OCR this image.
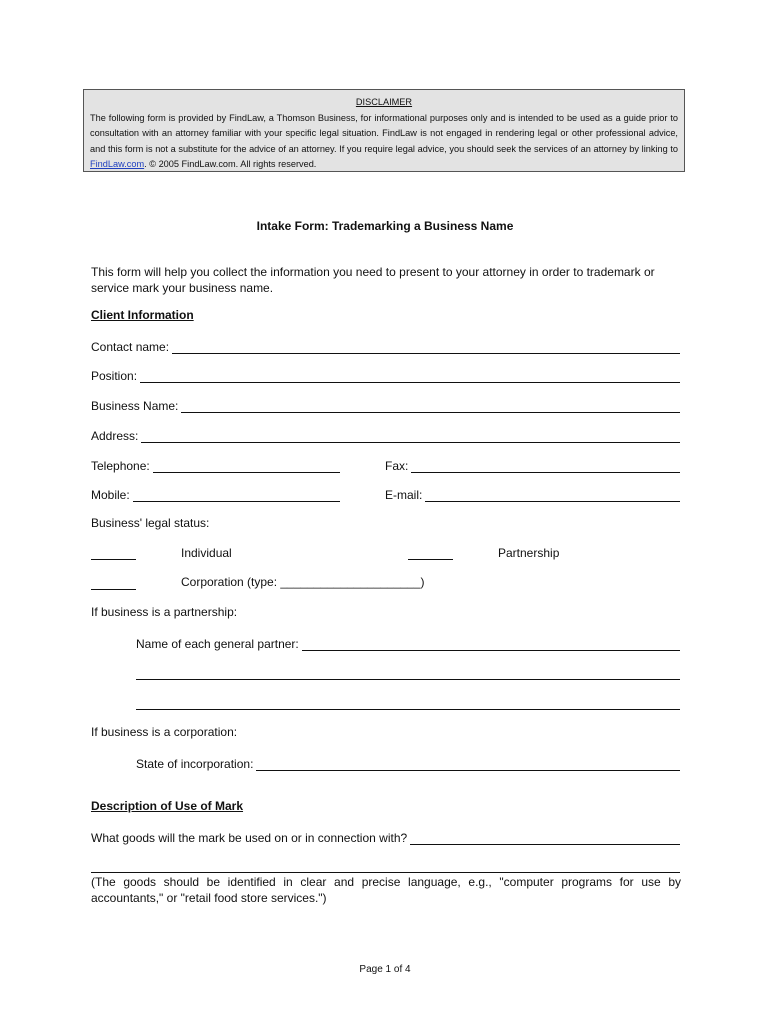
DISCLAIMER
The following form is provided by FindLaw, a Thomson Business, for informational purposes only and is intended to be used as a guide prior to consultation with an attorney familiar with your specific legal situation. FindLaw is not engaged in rendering legal or other professional advice, and this form is not a substitute for the advice of an attorney. If you require legal advice, you should seek the services of an attorney by linking to FindLaw.com. © 2005 FindLaw.com. All rights reserved.
Intake Form: Trademarking a Business Name
This form will help you collect the information you need to present to your attorney in order to trademark or service mark your business name.
Client Information
Contact name:
Position:
Business Name:
Address:
Telephone:	Fax:
Mobile:	E-mail:
Business' legal status:
Individual	Partnership
Corporation (type: _____________________)
If business is a partnership:
Name of each general partner:
If business is a corporation:
State of incorporation:
Description of Use of Mark
What goods will the mark be used on or in connection with?
(The goods should be identified in clear and precise language, e.g., "computer programs for use by accountants," or "retail food store services.")
Page 1 of 4
